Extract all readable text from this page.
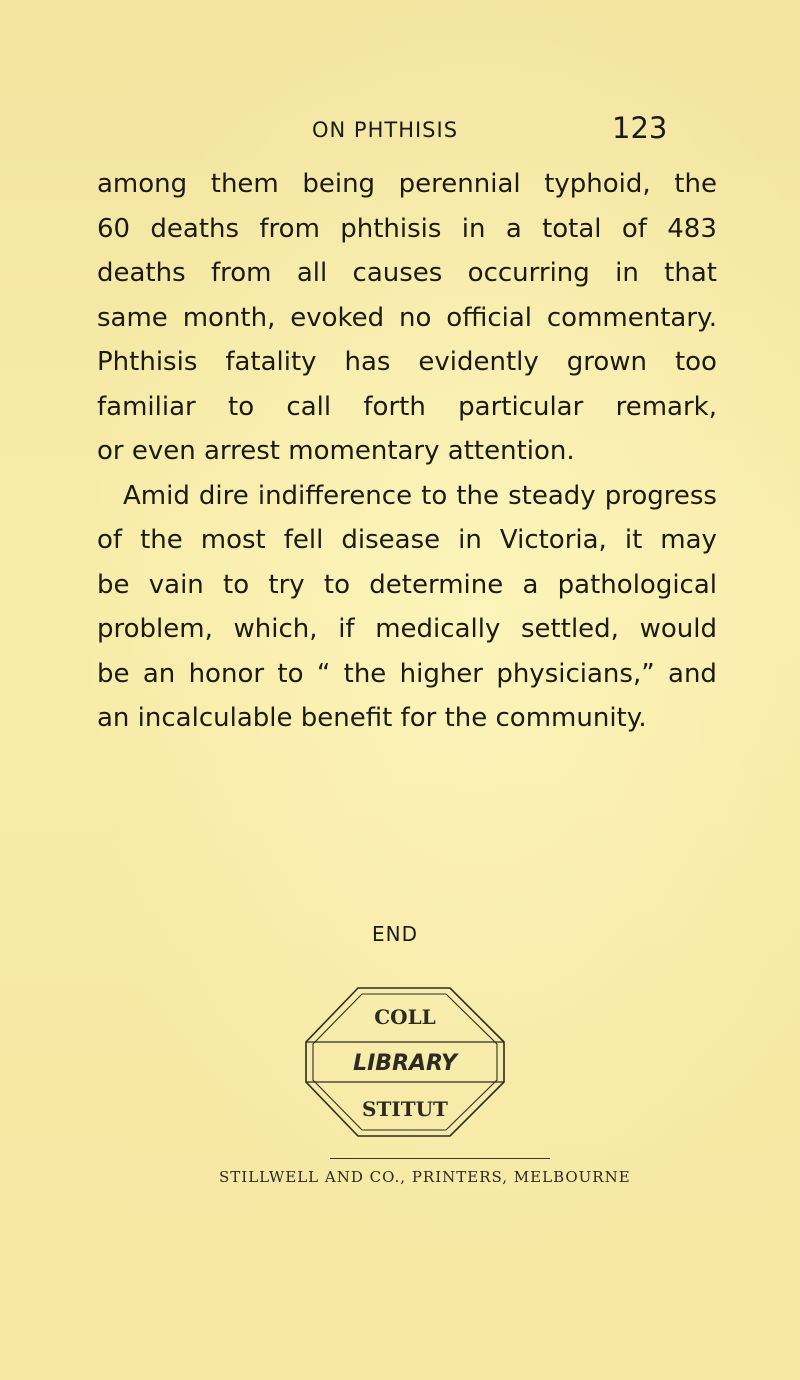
ON PHTHISIS	123
among them being perennial typhoid, the
60 deaths from phthisis in a total of 483
deaths from all causes occurring in that
same month, evoked no official commentary.
Phthisis fatality has evidently grown too
familiar to call forth particular remark,
or even arrest momentary attention.
Amid dire indifference to the steady progress
of the most fell disease in Victoria, it may
be vain to try to determine a pathological
problem, which, if medically settled, would
be an honor to “ the higher physicians,” and
an incalculable benefit for the community.
END
LIBRARY
COLL
STITUT
STILLWELL AND CO., PRINTERS, MELBOURNE
